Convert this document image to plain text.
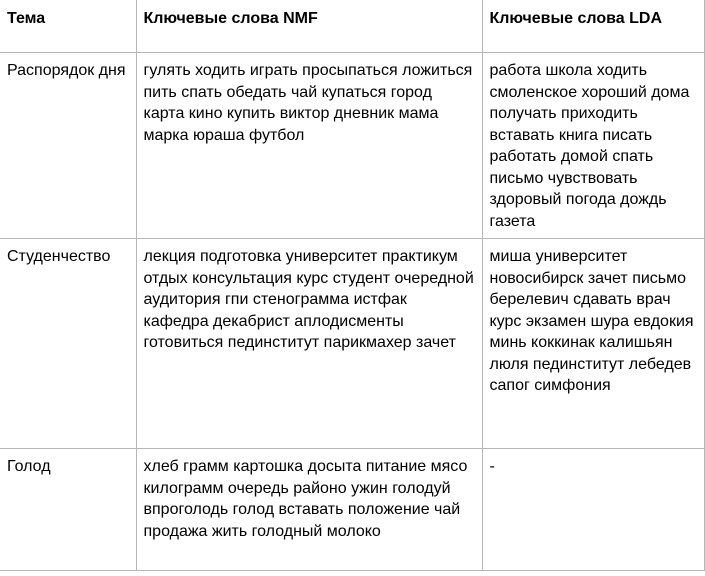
Тема	Ключевые слова NMF	Ключевые слова LDA
Распорядок дня	гулять ходить играть просыпаться ложиться пить спать обедать чай купаться город карта кино купить виктор дневник мама марка юраша футбол	работа школа ходить смоленское хороший дома получать приходить вставать книга писать работать домой спать письмо чувствовать здоровый погода дождь газета
Студенчество	лекция подготовка университет практикум отдых консультация курс студент очередной аудитория гпи стенограмма истфак кафедра декабрист аплодисменты готовиться пединститут парикмахер зачет	миша университет новосибирск зачет письмо берелевич сдавать врач курс экзамен шура евдокия минь коккинак калишьян люля пединститут лебедев сапог симфония
Голод	хлеб грамм картошка досыта питание мясо килограмм очередь районо ужин голодуй впроголодь голод вставать положение чай продажа жить голодный молоко	-
